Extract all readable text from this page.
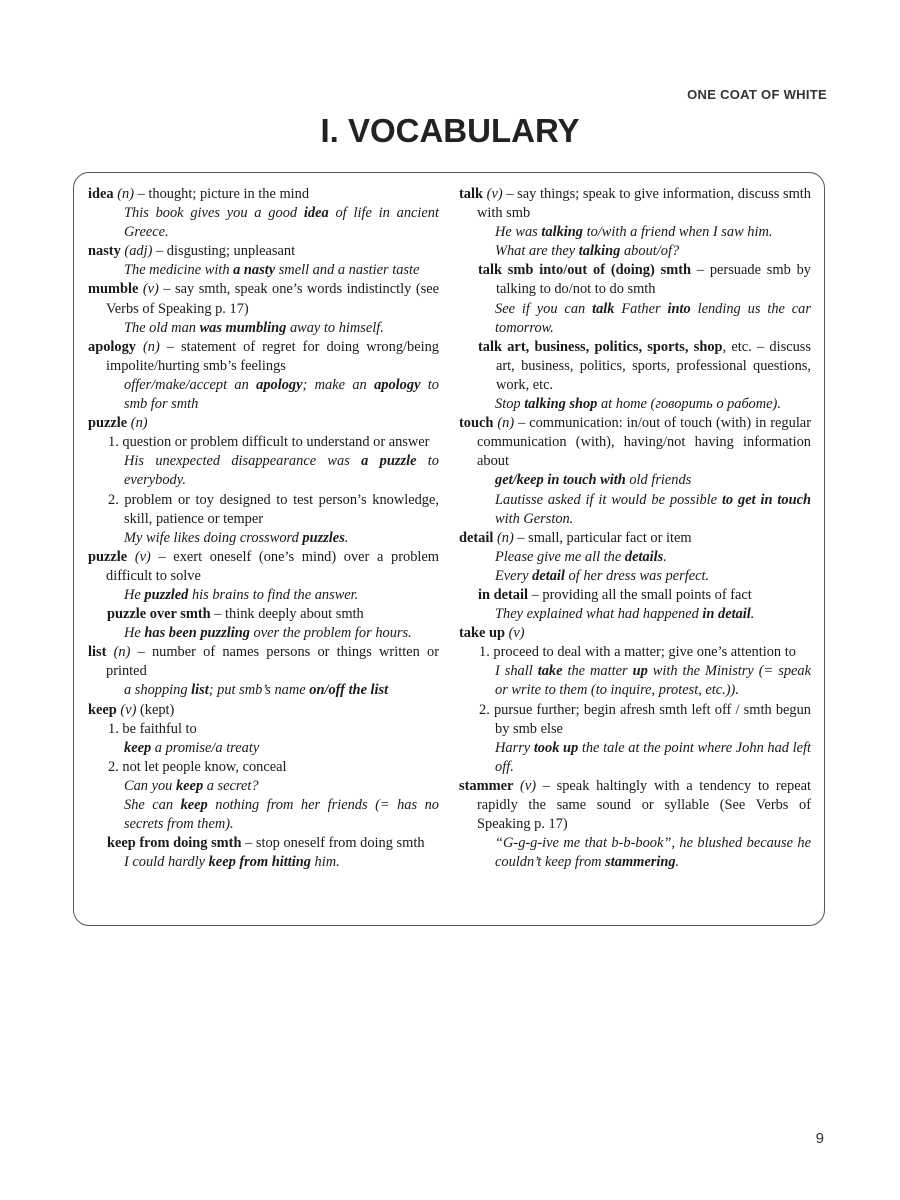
ONE COAT OF WHITE
I. VOCABULARY

idea (n) – thought; picture in the mind

This book gives you a good idea of life in ancient Greece.

nasty (adj) – disgusting; unpleasant

The medicine with a nasty smell and a nastier taste

mumble (v) – say smth, speak one’s words indistinctly (see Verbs of Speaking p. 17)

The old man was mumbling away to himself.

apology (n) – statement of regret for doing wrong/being impolite/hurting smb’s feelings

offer/make/accept an apology; make an apology to smb for smth

puzzle (n)

1. question or problem difficult to understand or answer

His unexpected disappearance was a puzzle to everybody.

2. problem or toy designed to test person’s knowledge, skill, patience or temper

My wife likes doing crossword puzzles.

puzzle (v) – exert oneself (one’s mind) over a problem difficult to solve

He puzzled his brains to find the answer.

puzzle over smth – think deeply about smth

He has been puzzling over the problem for hours.

list (n) – number of names persons or things written or printed

a shopping list; put smb’s name on/off the list

keep (v) (kept)

1. be faithful to

keep a promise/a treaty

2. not let people know, conceal

Can you keep a secret?

She can keep nothing from her friends (= has no secrets from them).

keep from doing smth – stop oneself from doing smth

I could hardly keep from hitting him.

talk (v) – say things; speak to give information, discuss smth with smb

He was talking to/with a friend when I saw him.

What are they talking about/of?

talk smb into/out of (doing) smth – persuade smb by talking to do/not to do smth

See if you can talk Father into lending us the car tomorrow.

talk art, business, politics, sports, shop, etc. – discuss art, business, politics, sports, professional questions, work, etc.

Stop talking shop at home (говорить о работе).

touch (n) – communication: in/out of touch (with) in regular communication (with), having/not having information about

get/keep in touch with old friends

Lautisse asked if it would be possible to get in touch with Gerston.

detail (n) – small, particular fact or item

Please give me all the details.

Every detail of her dress was perfect.

in detail – providing all the small points of fact

They explained what had happened in detail.

take up (v)

1. proceed to deal with a matter; give one’s attention to

I shall take the matter up with the Ministry (= speak or write to them (to inquire, protest, etc.)).

2. pursue further; begin afresh smth left off / smth begun by smb else

Harry took up the tale at the point where John had left off.

stammer (v) – speak haltingly with a tendency to repeat rapidly the same sound or syllable (See Verbs of Speaking p. 17)

“G-g-g-ive me that b-b-book”, he blushed because he couldn’t keep from stammering.

9
